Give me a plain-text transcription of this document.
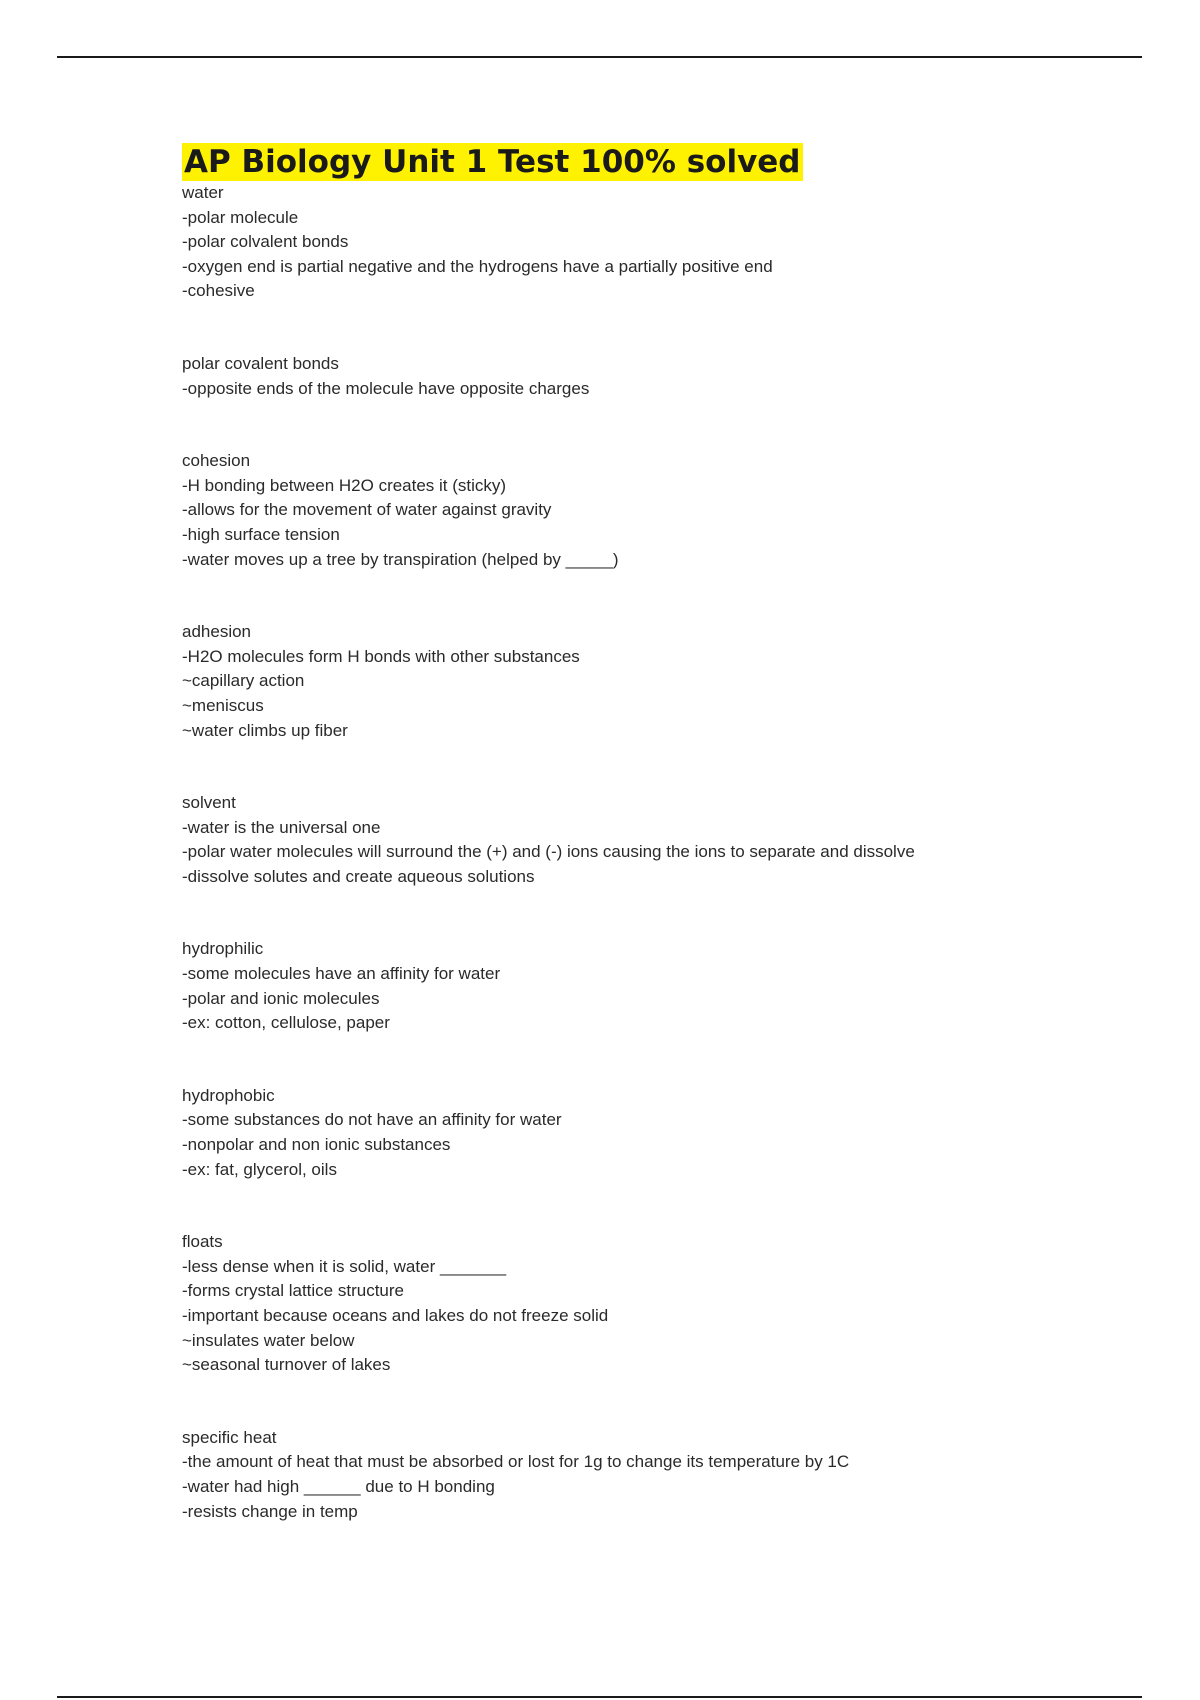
AP Biology Unit 1 Test 100% solved
water
-polar molecule
-polar colvalent bonds
-oxygen end is partial negative and the hydrogens have a partially positive end
-cohesive
polar covalent bonds
-opposite ends of the molecule have opposite charges
cohesion
-H bonding between H2O creates it (sticky)
-allows for the movement of water against gravity
-high surface tension
-water moves up a tree by transpiration (helped by _____)
adhesion
-H2O molecules form H bonds with other substances
~capillary action
~meniscus
~water climbs up fiber
solvent
-water is the universal one
-polar water molecules will surround the (+) and (-) ions causing the ions to separate and dissolve
-dissolve solutes and create aqueous solutions
hydrophilic
-some molecules have an affinity for water
-polar and ionic molecules
-ex: cotton, cellulose, paper
hydrophobic
-some substances do not have an affinity for water
-nonpolar and non ionic substances
-ex: fat, glycerol, oils
floats
-less dense when it is solid, water _______
-forms crystal lattice structure
-important because oceans and lakes do not freeze solid
~insulates water below
~seasonal turnover of lakes
specific heat
-the amount of heat that must be absorbed or lost for 1g to change its temperature by 1C
-water had high ______ due to H bonding
-resists change in temp
